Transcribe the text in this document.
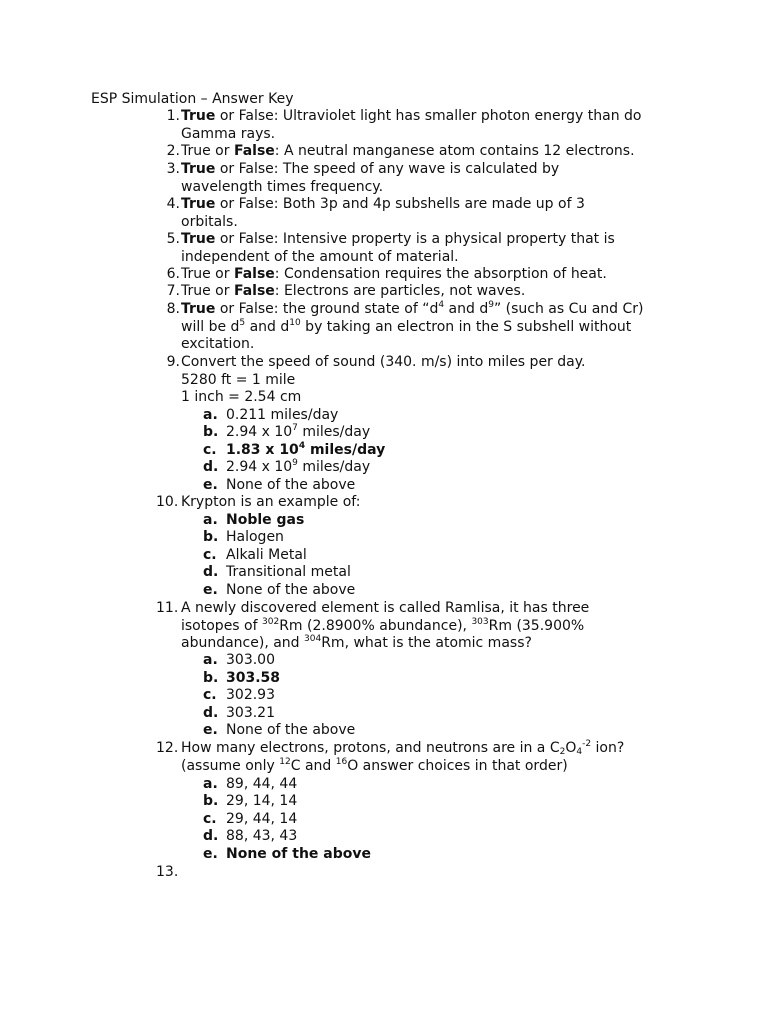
ESP Simulation – Answer Key
1. True or False: Ultraviolet light has smaller photon energy than do
Gamma rays.
2. True or False: A neutral manganese atom contains 12 electrons.
3. True or False: The speed of any wave is calculated by
wavelength times frequency.
4. True or False: Both 3p and 4p subshells are made up of 3
orbitals.
5. True or False: Intensive property is a physical property that is
independent of the amount of material.
6. True or False: Condensation requires the absorption of heat.
7. True or False: Electrons are particles, not waves.
8. True or False: the ground state of “$d^4$ and $d^9$” (such as Cu and Cr)
will be $d^5$ and $d^{10}$ by taking an electron in the S subshell without
excitation.
9. Convert the speed of sound (340. m/s) into miles per day.
5280 ft = 1 mile
1 inch = 2.54 cm
a. 0.211 miles/day
b. 2.94 x $10^7$ miles/day
c. 1.83 x $10^4$ miles/day
d. 2.94 x $10^9$ miles/day
e. None of the above
10. Krypton is an example of:
a. Noble gas
b. Halogen
c. Alkali Metal
d. Transitional metal
e. None of the above
11. A newly discovered element is called Ramlisa, it has three
isotopes of $^{302}$Rm (2.8900% abundance), $^{303}$Rm (35.900%
abundance), and $^{304}$Rm, what is the atomic mass?
a. 303.00
b. 303.58
c. 302.93
d. 303.21
e. None of the above
12. How many electrons, protons, and neutrons are in a $C_2O_4^{-2}$ ion?
(assume only $^{12}$C and $^{16}$O answer choices in that order)
a. 89, 44, 44
b. 29, 14, 14
c. 29, 44, 14
d. 88, 43, 43
e. None of the above
13.
